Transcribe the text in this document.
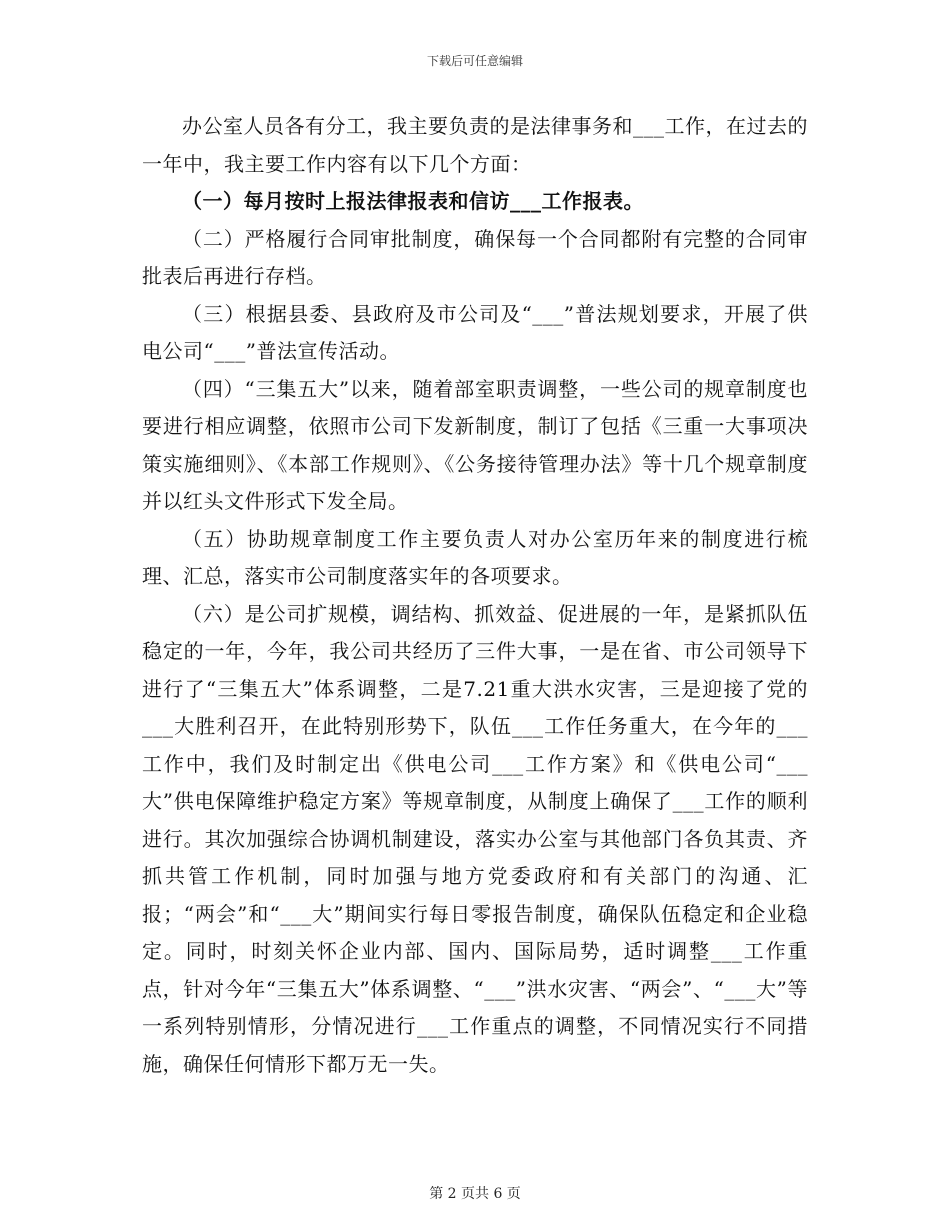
下载后可任意编辑

办公室人员各有分工，我主要负责的是法律事务和___工作，在过去的一年中，我主要工作内容有以下几个方面：

（一）每月按时上报法律报表和信访___工作报表。

（二）严格履行合同审批制度，确保每一个合同都附有完整的合同审批表后再进行存档。

（三）根据县委、县政府及市公司及“___”普法规划要求，开展了供电公司“___”普法宣传活动。

（四）“三集五大”以来，随着部室职责调整，一些公司的规章制度也要进行相应调整，依照市公司下发新制度，制订了包括《三重一大事项决策实施细则》、《本部工作规则》、《公务接待管理办法》等十几个规章制度并以红头文件形式下发全局。

（五）协助规章制度工作主要负责人对办公室历年来的制度进行梳理、汇总，落实市公司制度落实年的各项要求。

（六）是公司扩规模，调结构、抓效益、促进展的一年，是紧抓队伍稳定的一年，今年，我公司共经历了三件大事，一是在省、市公司领导下进行了“三集五大”体系调整，二是7.21重大洪水灾害，三是迎接了党的___大胜利召开，在此特别形势下，队伍___工作任务重大，在今年的___工作中，我们及时制定出《供电公司___工作方案》和《供电公司“___大”供电保障维护稳定方案》等规章制度，从制度上确保了___工作的顺利进行。其次加强综合协调机制建设，落实办公室与其他部门各负其责、齐抓共管工作机制，同时加强与地方党委政府和有关部门的沟通、汇报；“两会”和“___大”期间实行每日零报告制度，确保队伍稳定和企业稳定。同时，时刻关怀企业内部、国内、国际局势，适时调整___工作重点，针对今年“三集五大”体系调整、“___”洪水灾害、“两会”、“___大”等一系列特别情形，分情况进行___工作重点的调整，不同情况实行不同措施，确保任何情形下都万无一失。

第 2 页共 6 页
